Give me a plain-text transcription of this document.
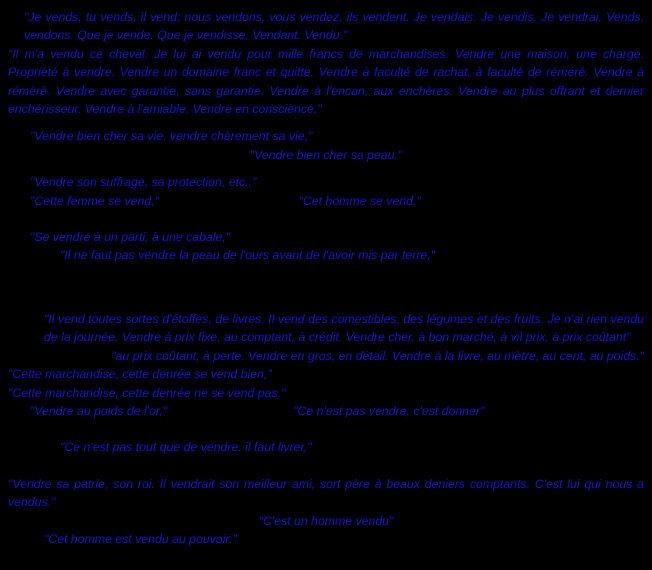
"Je vends, tu vends, il vend; nous vendons, vous vendez, ils vendent. Je vendais. Je vendis. Je vendrai. Vends, vendons. Que je vende. Que je vendisse. Vendant. Vendu."

"Il m'a vendu ce cheval. Je lui ai vendu pour mille francs de marchandises. Vendre une maison, une charge. Propriété à vendre. Vendre un domaine franc et quitte. Vendre à faculté de rachat, à faculté de réméré. Vendre à réméré. Vendre avec garantie, sans garantie. Vendre à l'encan, aux enchères. Vendre au plus offrant et dernier enchérisseur. Vendre à l'amiable. Vendre en conscience."

"Vendre bien cher sa vie, vendre chèrement sa vie,"

"Vendre bien cher sa peau."

"Vendre son suffrage, sa protection, etc.,"

"Cette femme se vend,"	"Cet homme se vend,"

"Se vendre à un parti, à une cabale,"

"Il ne faut pas vendre la peau de l'ours avant de l'avoir mis par terre,"

"Il vend toutes sortes d'étoffes, de livres. Il vend des comestibles, des légumes et des fruits. Je n'ai rien vendu de la journée. Vendre à prix fixe, au comptant, à crédit. Vendre cher, à bon marché, à vil prix, à prix coûtant"

"au prix coûtant, à perte. Vendre en gros, en détail. Vendre à la livre, au mètre, au cent, au poids."

"Cette marchandise, cette denrée se vend bien,"

"Cette marchandise, cette denrée ne se vend pas."

"Vendre au poids de l'or,"	"Ce n'est pas vendre, c'est donner"

"Ce n'est pas tout que de vendre, il faut livrer,"

"Vendre sa patrie, son roi. Il vendrait son meilleur ami, sort père à beaux deniers comptants. C'est lui qui nous a vendus."

"C'est un homme vendu"

"Cet homme est vendu au pouvoir."
